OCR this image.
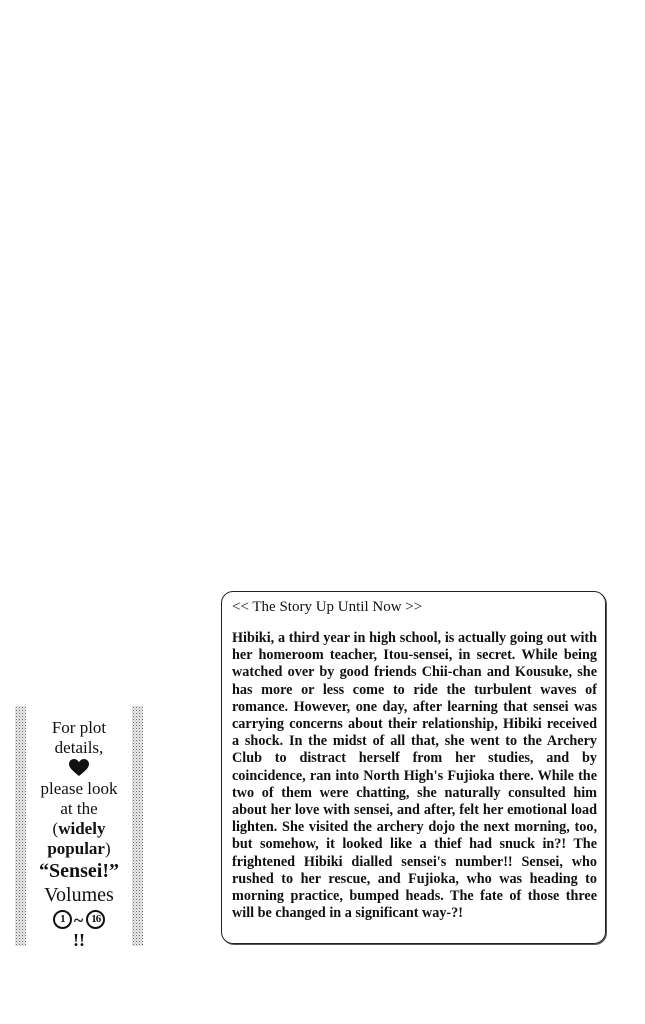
For plot
details,
please look
at the
(widely
popular)
“Sensei!”
Volumes
1 ~ 16
!!

<< The Story Up Until Now >>

Hibiki, a third year in high school, is actually going out with her homeroom teacher, Itou-sensei, in secret. While being watched over by good friends Chii-chan and Kousuke, she has more or less come to ride the turbulent waves of romance. However, one day, after learning that sensei was carrying concerns about their relationship, Hibiki received a shock. In the midst of all that, she went to the Archery Club to distract herself from her studies, and by coincidence, ran into North High's Fujioka there. While the two of them were chatting, she naturally consulted him about her love with sensei, and after, felt her emotional load lighten. She visited the archery dojo the next morning, too, but somehow, it looked like a thief had snuck in?! The frightened Hibiki dialled sensei's number!! Sensei, who rushed to her rescue, and Fujioka, who was heading to morning practice, bumped heads. The fate of those three will be changed in a significant way-?!
